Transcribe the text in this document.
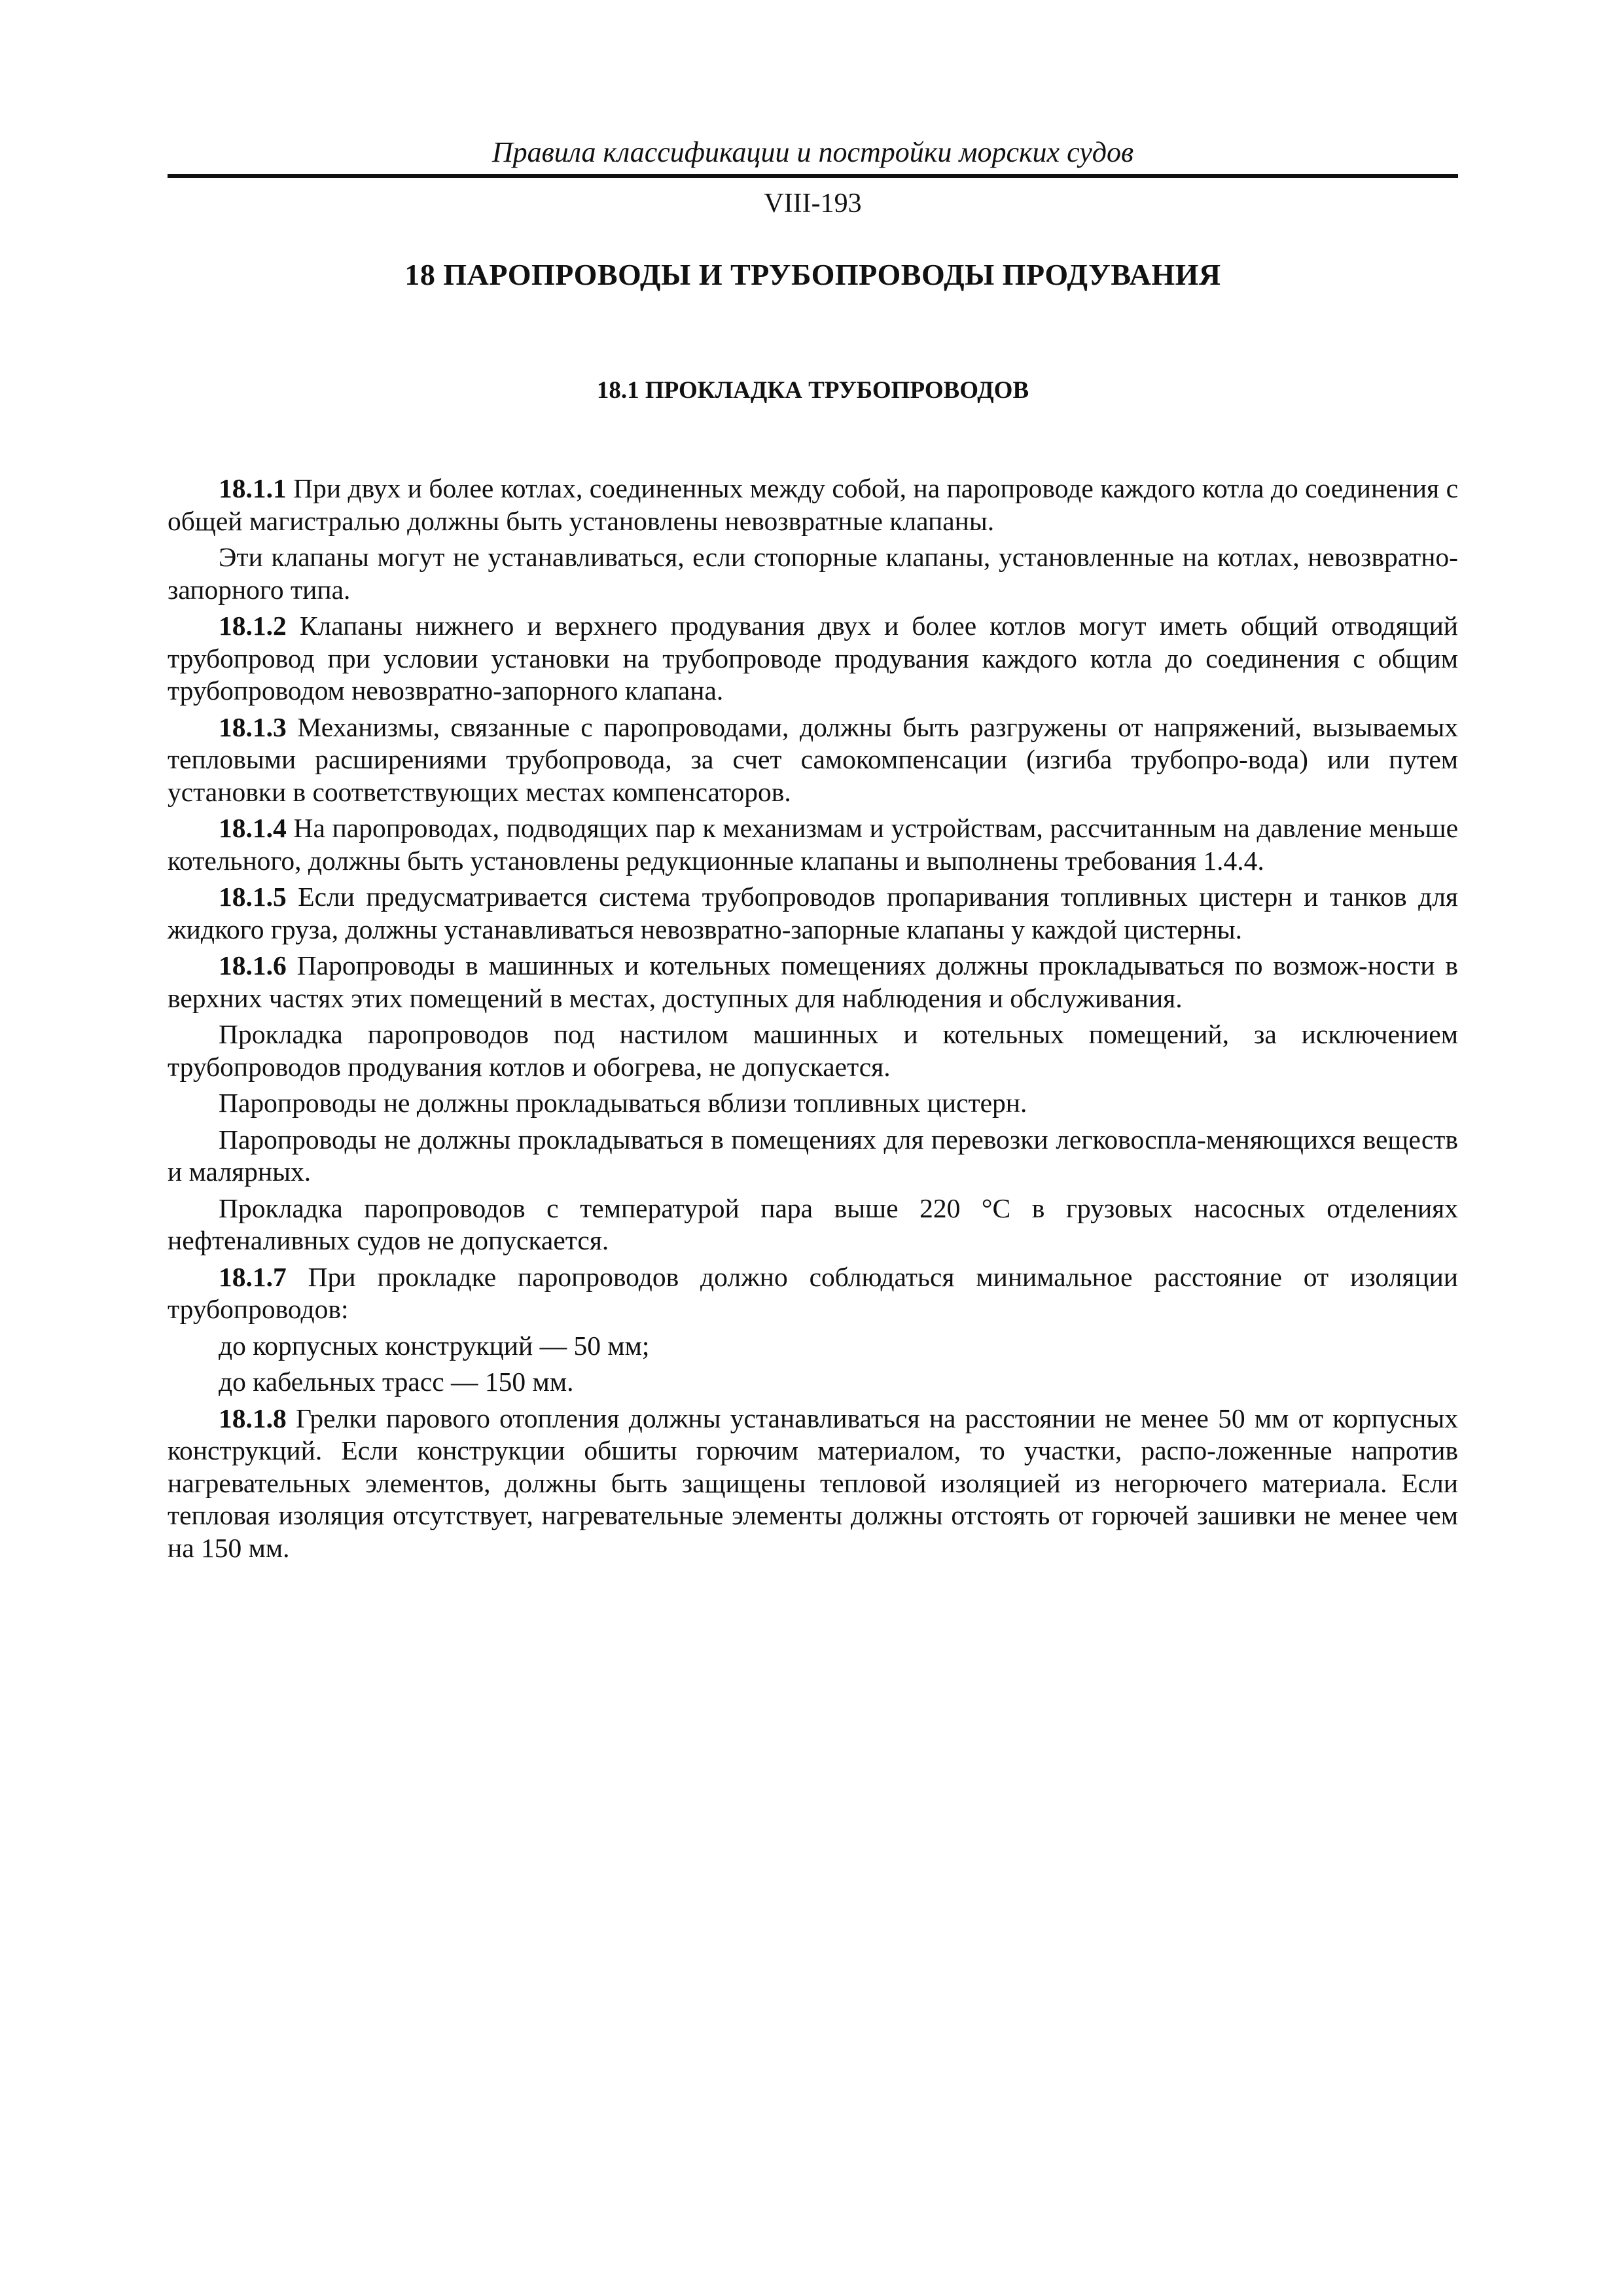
Правила классификации и постройки морских судов
VIII-193
18 ПАРОПРОВОДЫ И ТРУБОПРОВОДЫ ПРОДУВАНИЯ
18.1 ПРОКЛАДКА ТРУБОПРОВОДОВ

18.1.1 При двух и более котлах, соединенных между собой, на паропроводе каждого котла до соединения с общей магистралью должны быть установлены невозвратные клапаны.

Эти клапаны могут не устанавливаться, если стопорные клапаны, установленные на котлах, невозвратно-запорного типа.

18.1.2 Клапаны нижнего и верхнего продувания двух и более котлов могут иметь общий отводящий трубопровод при условии установки на трубопроводе продувания каждого котла до соединения с общим трубопроводом невозвратно-запорного клапана.

18.1.3 Механизмы, связанные с паропроводами, должны быть разгружены от напряжений, вызываемых тепловыми расширениями трубопровода, за счет самокомпенсации (изгиба трубопро-вода) или путем установки в соответствующих местах компенсаторов.

18.1.4 На паропроводах, подводящих пар к механизмам и устройствам, рассчитанным на давление меньше котельного, должны быть установлены редукционные клапаны и выполнены требования 1.4.4.

18.1.5 Если предусматривается система трубопроводов пропаривания топливных цистерн и танков для жидкого груза, должны устанавливаться невозвратно-запорные клапаны у каждой цистерны.

18.1.6 Паропроводы в машинных и котельных помещениях должны прокладываться по возмож-ности в верхних частях этих помещений в местах, доступных для наблюдения и обслуживания.

Прокладка паропроводов под настилом машинных и котельных помещений, за исключением трубопроводов продувания котлов и обогрева, не допускается.

Паропроводы не должны прокладываться вблизи топливных цистерн.

Паропроводы не должны прокладываться в помещениях для перевозки легковоспла-меняющихся веществ и малярных.

Прокладка паропроводов с температурой пара выше 220 °С в грузовых насосных отделениях нефтеналивных судов не допускается.

18.1.7 При прокладке паропроводов должно соблюдаться минимальное расстояние от изоляции трубопроводов:

до корпусных конструкций — 50 мм;

до кабельных трасс — 150 мм.

18.1.8 Грелки парового отопления должны устанавливаться на расстоянии не менее 50 мм от корпусных конструкций. Если конструкции обшиты горючим материалом, то участки, распо-ложенные напротив нагревательных элементов, должны быть защищены тепловой изоляцией из негорючего материала. Если тепловая изоляция отсутствует, нагревательные элементы должны отстоять от горючей зашивки не менее чем на 150 мм.
